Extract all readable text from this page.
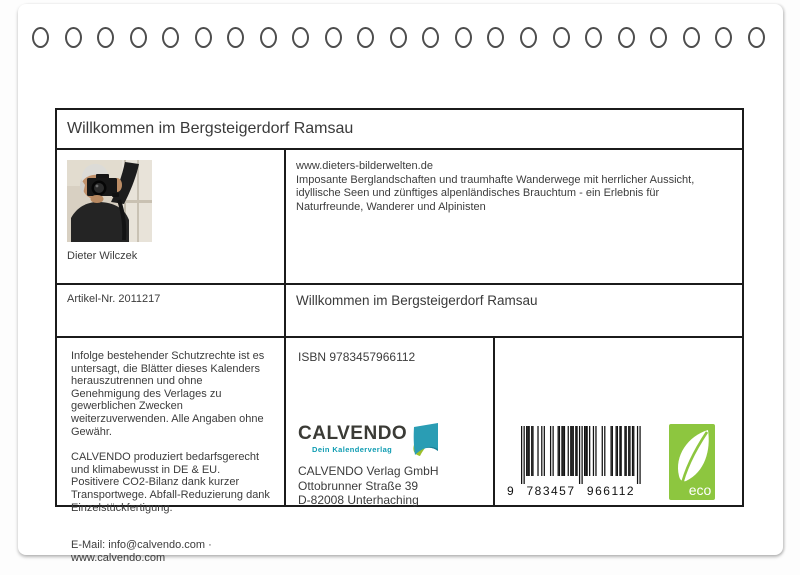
Willkommen im Bergsteigerdorf Ramsau
Dieter Wilczek
www.dieters-bilderwelten.de
Imposante Berglandschaften und traumhafte Wanderwege mit herrlicher Aussicht, idyllische Seen und zünftiges alpenländisches Brauchtum - ein Erlebnis für Naturfreunde, Wanderer und Alpinisten
Artikel-Nr. 2011217	Willkommen im Bergsteigerdorf Ramsau

Infolge bestehender Schutzrechte ist es untersagt, die Blätter dieses Kalenders herauszutrennen und ohne Genehmigung des Verlages zu gewerblichen Zwecken weiterzuverwenden. Alle Angaben ohne Gewähr.

CALVENDO produziert bedarfsgerecht und klimabewusst in DE & EU. Positivere CO2-Bilanz dank kurzer Transportwege. Abfall-Reduzierung dank Einzelstückfertigung.

E-Mail: info@calvendo.com ·
www.calvendo.com

ISBN 9783457966112
CALVENDO
Dein Kalenderverlag
CALVENDO Verlag GmbH
Ottobrunner Straße 39
D-82008 Unterhaching
9 783457 966112	eco
